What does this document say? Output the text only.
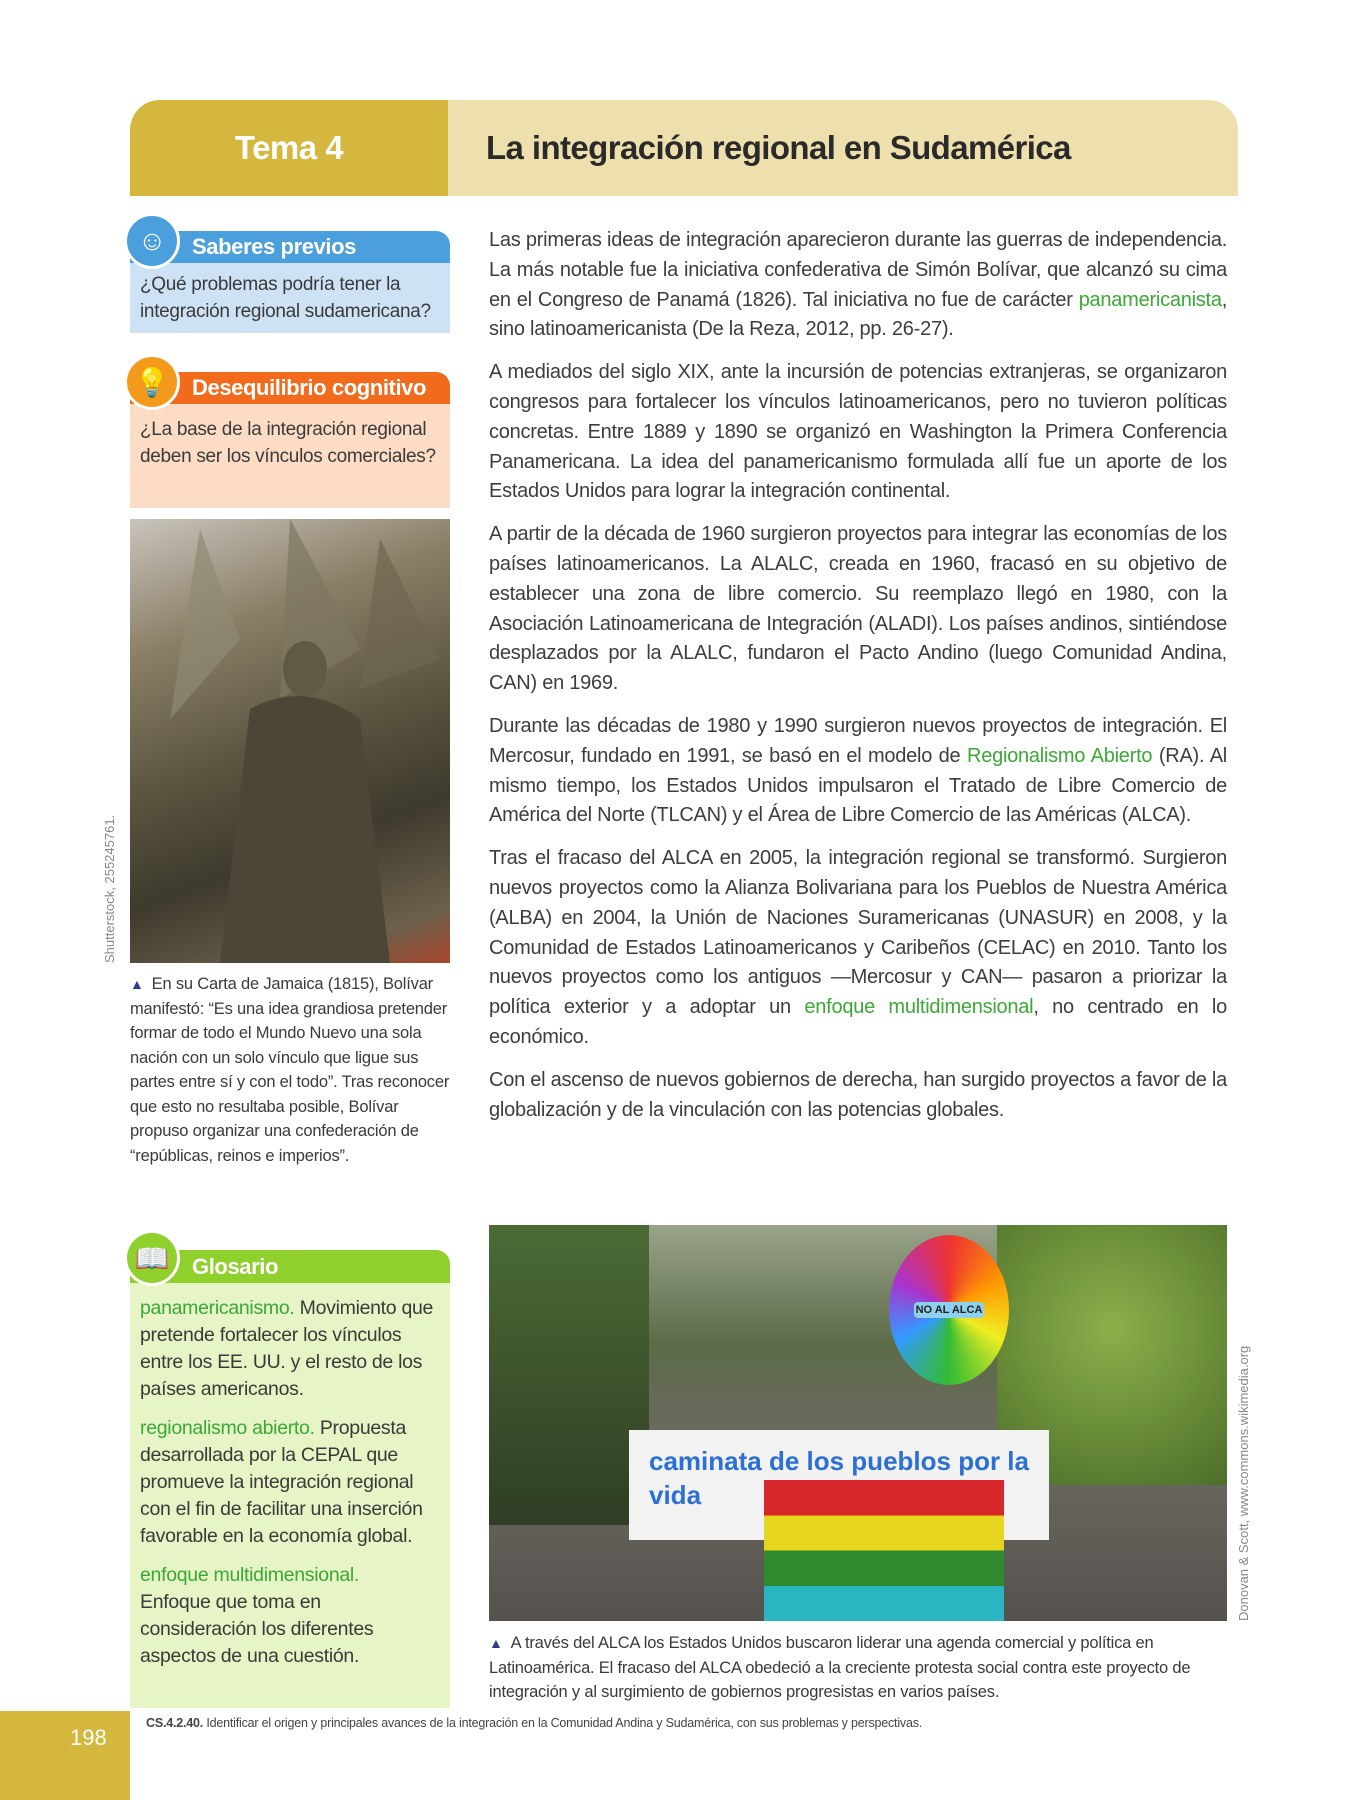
Tema 4	La integración regional en Sudamérica
☺	Saberes previos
¿Qué problemas podría tener la integración regional sudamericana?
💡	Desequilibrio cognitivo
¿La base de la integración regional deben ser los vínculos comerciales?
Shutterstock, 255245761.
▲ En su Carta de Jamaica (1815), Bolívar manifestó: “Es una idea grandiosa pretender formar de todo el Mundo Nuevo una sola nación con un solo vínculo que ligue sus partes entre sí y con el todo”. Tras reconocer que esto no resultaba posible, Bolívar propuso organizar una confederación de “repúblicas, reinos e imperios”.

Las primeras ideas de integración aparecieron durante las guerras de independencia. La más notable fue la iniciativa confederativa de Simón Bolívar, que alcanzó su cima en el Congreso de Panamá (1826). Tal iniciativa no fue de carácter panamericanista, sino latinoamericanista (De la Reza, 2012, pp. 26-27).

A mediados del siglo XIX, ante la incursión de potencias extranjeras, se organizaron congresos para fortalecer los vínculos latinoamericanos, pero no tuvieron políticas concretas. Entre 1889 y 1890 se organizó en Washington la Primera Conferencia Panamericana. La idea del panamericanismo formulada allí fue un aporte de los Estados Unidos para lograr la integración continental.

A partir de la década de 1960 surgieron proyectos para integrar las economías de los países latinoamericanos. La ALALC, creada en 1960, fracasó en su objetivo de establecer una zona de libre comercio. Su reemplazo llegó en 1980, con la Asociación Latinoamericana de Integración (ALADI). Los países andinos, sintiéndose desplazados por la ALALC, fundaron el Pacto Andino (luego Comunidad Andina, CAN) en 1969.

Durante las décadas de 1980 y 1990 surgieron nuevos proyectos de integración. El Mercosur, fundado en 1991, se basó en el modelo de Regionalismo Abierto (RA). Al mismo tiempo, los Estados Unidos impulsaron el Tratado de Libre Comercio de América del Norte (TLCAN) y el Área de Libre Comercio de las Américas (ALCA).

Tras el fracaso del ALCA en 2005, la integración regional se transformó. Surgieron nuevos proyectos como la Alianza Bolivariana para los Pueblos de Nuestra América (ALBA) en 2004, la Unión de Naciones Suramericanas (UNASUR) en 2008, y la Comunidad de Estados Latinoamericanos y Caribeños (CELAC) en 2010. Tanto los nuevos proyectos como los antiguos —Mercosur y CAN— pasaron a priorizar la política exterior y a adoptar un enfoque multidimensional, no centrado en lo económico.

Con el ascenso de nuevos gobiernos de derecha, han surgido proyectos a favor de la globalización y de la vinculación con las potencias globales.

📖	Glosario

panamericanismo. Movimiento que pretende fortalecer los vínculos entre los EE. UU. y el resto de los países americanos.

regionalismo abierto. Propuesta desarrollada por la CEPAL que promueve la integración regional con el fin de facilitar una inserción favorable en la economía global.

enfoque multidimensional.
Enfoque que toma en consideración los diferentes aspectos de una cuestión.

NO AL ALCA
caminata de los pueblos por la vida	Donovan & Scott, www.commons.wikimedia.org
▲ A través del ALCA los Estados Unidos buscaron liderar una agenda comercial y política en Latinoamérica. El fracaso del ALCA obedeció a la creciente protesta social contra este proyecto de integración y al surgimiento de gobiernos progresistas en varios países.
198
CS.4.2.40. Identificar el origen y principales avances de la integración en la Comunidad Andina y Sudamérica, con sus problemas y perspectivas.
